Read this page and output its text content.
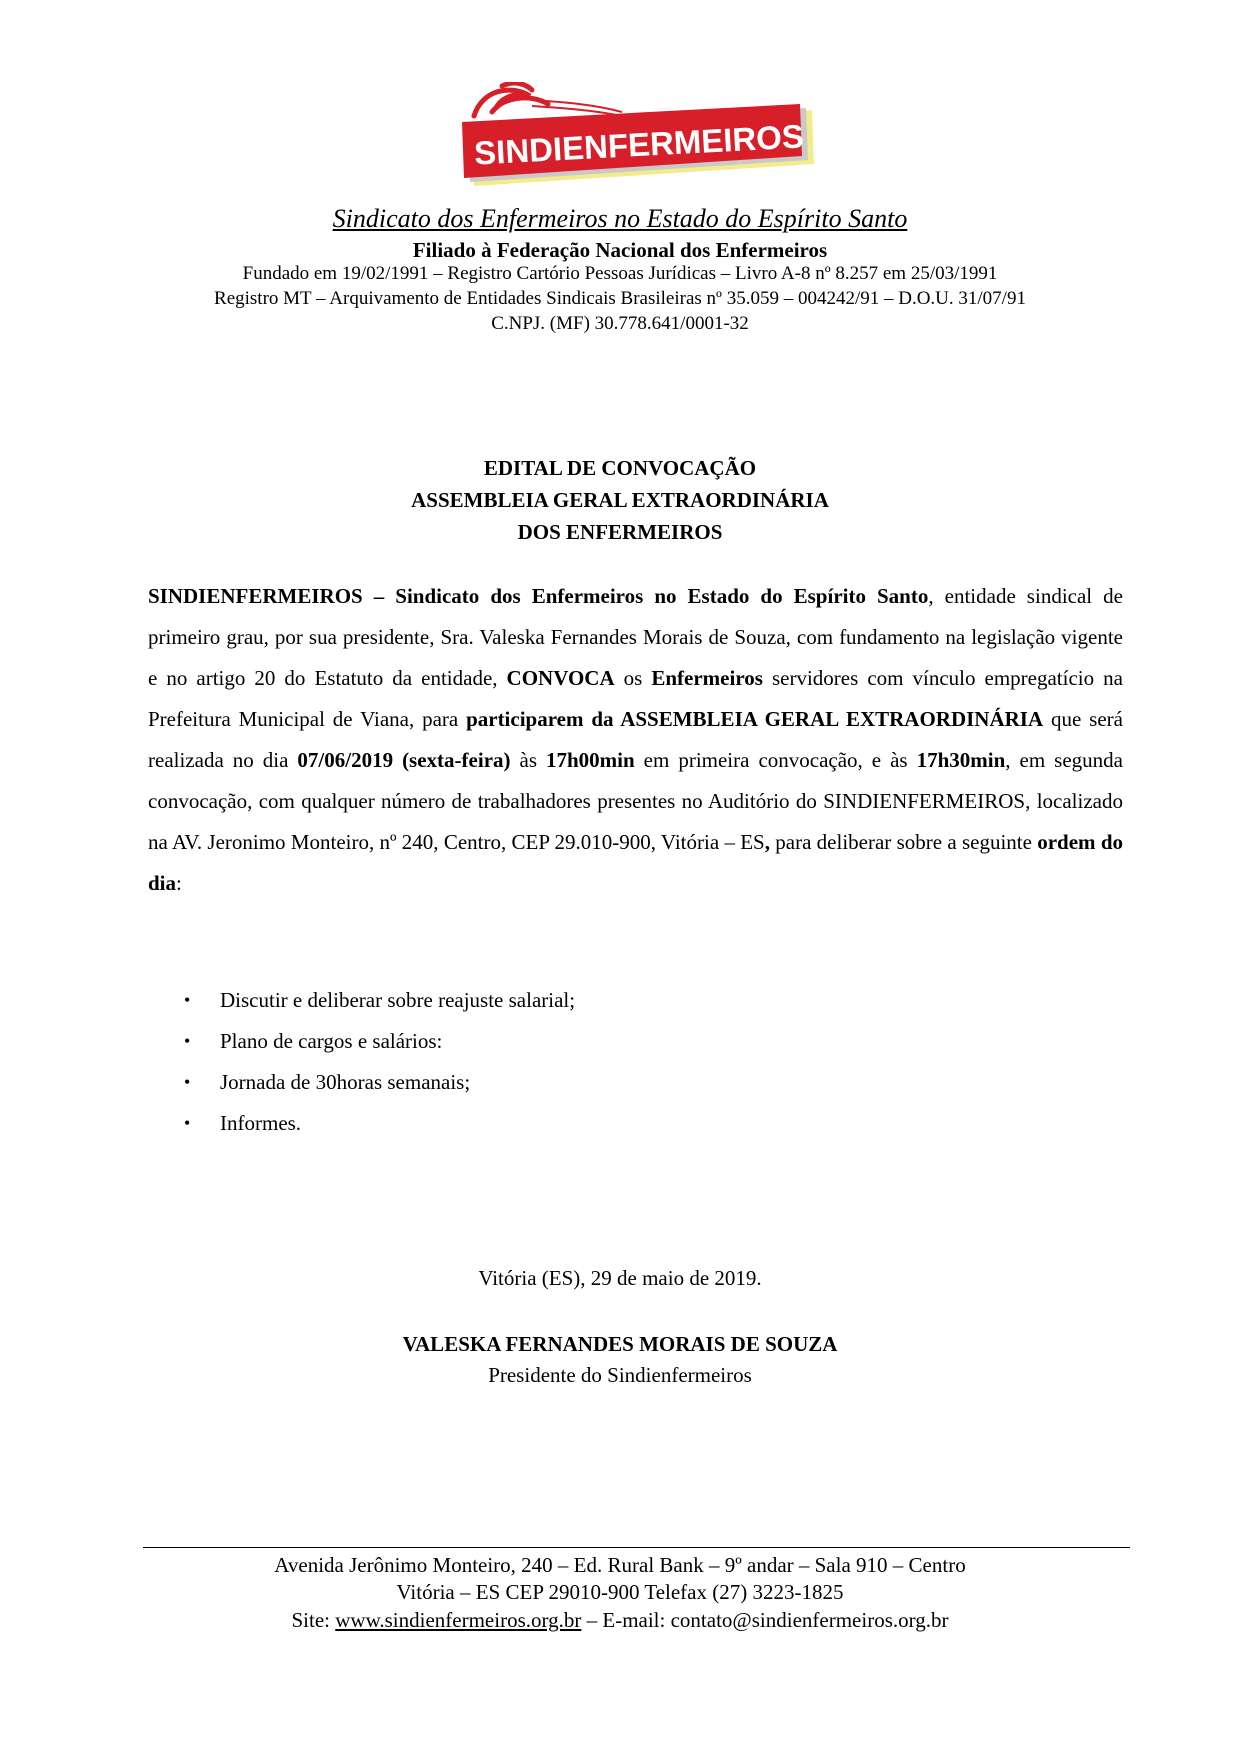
SINDIENFERMEIROS
Sindicato dos Enfermeiros no Estado do Espírito Santo
Filiado à Federação Nacional dos Enfermeiros
Fundado em 19/02/1991 – Registro Cartório Pessoas Jurídicas – Livro A-8 nº 8.257 em 25/03/1991
Registro MT – Arquivamento de Entidades Sindicais Brasileiras nº 35.059 – 004242/91 – D.O.U. 31/07/91
C.NPJ. (MF) 30.778.641/0001-32
EDITAL DE CONVOCAÇÃO
ASSEMBLEIA GERAL EXTRAORDINÁRIA
DOS ENFERMEIROS
SINDIENFERMEIROS – Sindicato dos Enfermeiros no Estado do Espírito Santo, entidade sindical de primeiro grau, por sua presidente, Sra. Valeska Fernandes Morais de Souza, com fundamento na legislação vigente e no artigo 20 do Estatuto da entidade, CONVOCA os Enfermeiros servidores com vínculo empregatício na Prefeitura Municipal de Viana, para participarem da ASSEMBLEIA GERAL EXTRAORDINÁRIA que será realizada no dia 07/06/2019 (sexta-feira) às 17h00min em primeira convocação, e às 17h30min, em segunda convocação, com qualquer número de trabalhadores presentes no Auditório do SINDIENFERMEIROS, localizado na AV. Jeronimo Monteiro, nº 240, Centro, CEP 29.010-900, Vitória – ES, para deliberar sobre a seguinte ordem do dia:
• Discutir e deliberar sobre reajuste salarial;
• Plano de cargos e salários:
• Jornada de 30horas semanais;
• Informes.
Vitória (ES), 29 de maio de 2019.
VALESKA FERNANDES MORAIS DE SOUZA
Presidente do Sindienfermeiros
Avenida Jerônimo Monteiro, 240 – Ed. Rural Bank – 9º andar – Sala 910 – Centro
Vitória – ES CEP 29010-900 Telefax (27) 3223-1825
Site: www.sindienfermeiros.org.br – E-mail: contato@sindienfermeiros.org.br
